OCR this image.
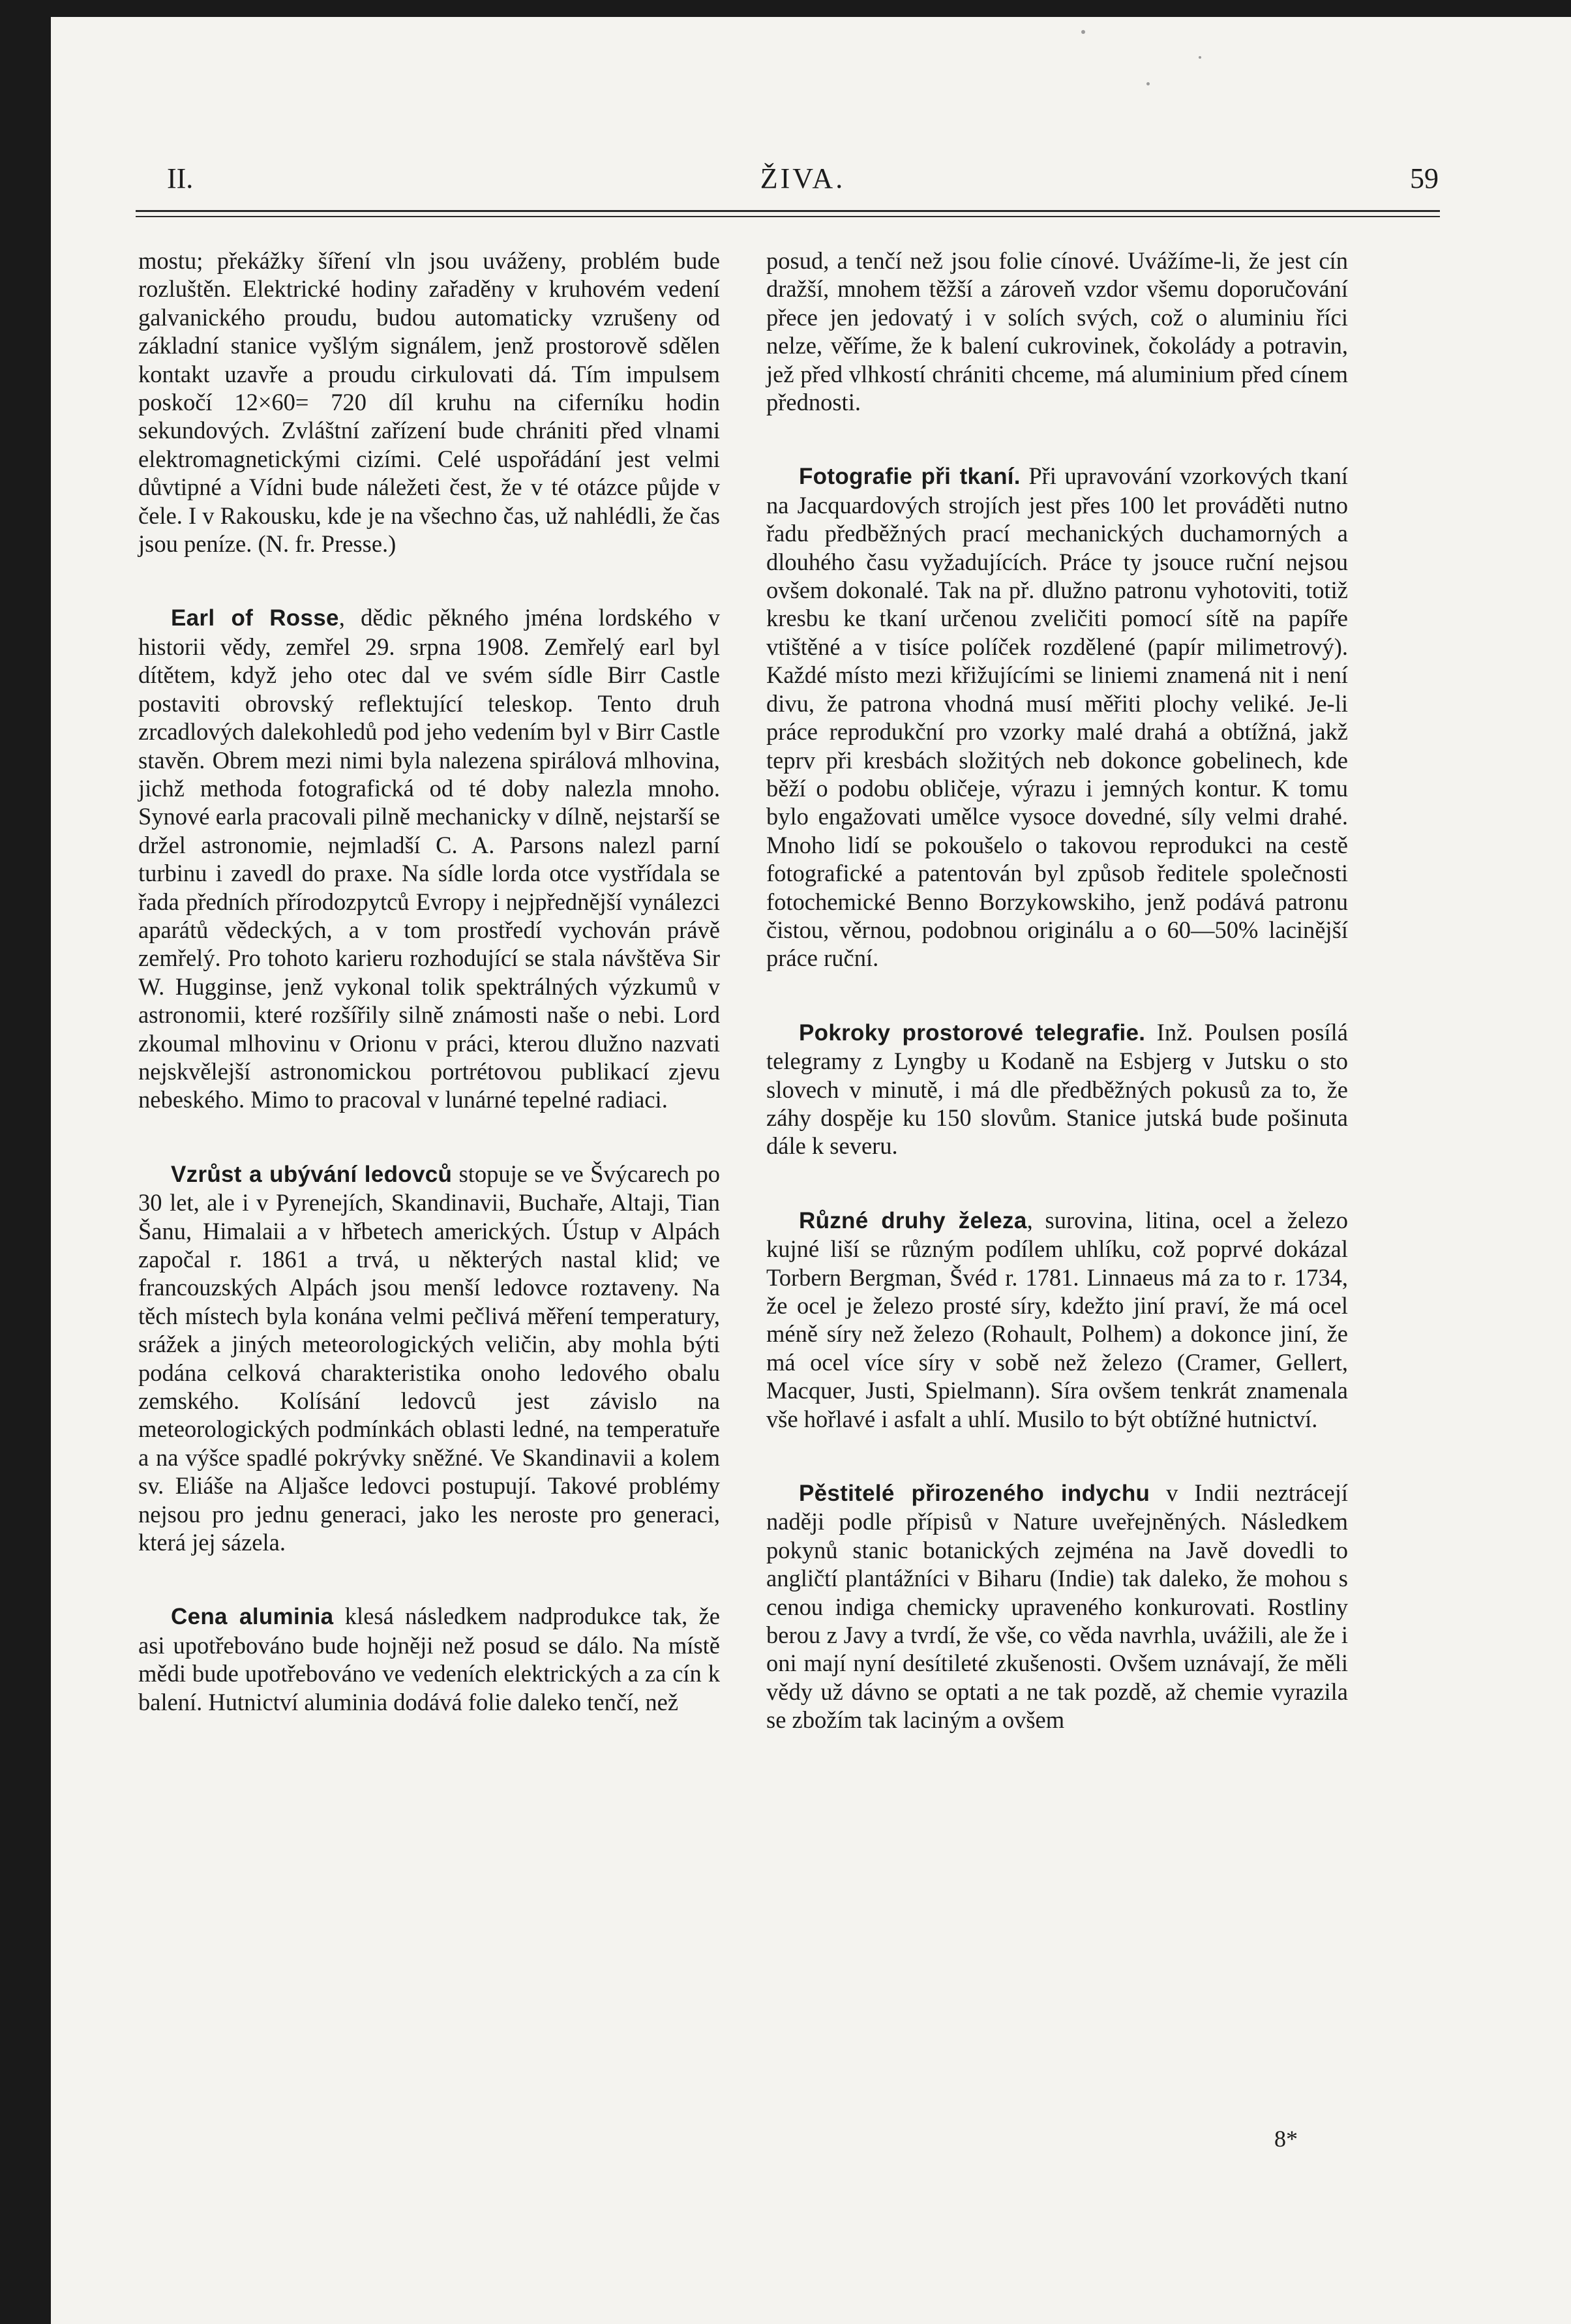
II.	ŽIVA.	59

mostu; překážky šíření vln jsou uváženy, problém bude rozluštěn. Elektrické hodiny zařaděny v kruhovém vedení galvanického proudu, budou automaticky vzrušeny od základní stanice vyšlým signálem, jenž prostorově sdělen kontakt uzavře a proudu cirkulovati dá. Tím impulsem poskočí 12×60= 720 díl kruhu na ciferníku hodin sekundových. Zvláštní zařízení bude chrániti před vlnami elektromagnetickými cizími. Celé uspořádání jest velmi důvtipné a Vídni bude náležeti čest, že v té otázce půjde v čele. I v Rakousku, kde je na všechno čas, už nahlédli, že čas jsou peníze. (N. fr. Presse.)

Earl of Rosse, dědic pěkného jména lordského v historii vědy, zemřel 29. srpna 1908. Zemřelý earl byl dítětem, když jeho otec dal ve svém sídle Birr Castle postaviti obrovský reflektující teleskop. Tento druh zrcadlových dalekohledů pod jeho vedením byl v Birr Castle stavěn. Obrem mezi nimi byla nalezena spirálová mlhovina, jichž methoda fotografická od té doby nalezla mnoho. Synové earla pracovali pilně mechanicky v dílně, nejstarší se držel astronomie, nejmladší C. A. Parsons nalezl parní turbinu i zavedl do praxe. Na sídle lorda otce vystřídala se řada předních přírodozpytců Evropy i nejpřednější vynálezci aparátů vědeckých, a v tom prostředí vychován právě zemřelý. Pro tohoto karieru rozhodující se stala návštěva Sir W. Hugginse, jenž vykonal tolik spektrálných výzkumů v astronomii, které rozšířily silně známosti naše o nebi. Lord zkoumal mlhovinu v Orionu v práci, kterou dlužno nazvati nejskvělejší astronomickou portrétovou publikací zjevu nebeského. Mimo to pracoval v lunárné tepelné radiaci.

Vzrůst a ubývání ledovců stopuje se ve Švýcarech po 30 let, ale i v Pyrenejích, Skandinavii, Buchaře, Altaji, Tian Šanu, Himalaii a v hřbetech amerických. Ústup v Alpách započal r. 1861 a trvá, u některých nastal klid; ve francouzských Alpách jsou menší ledovce roztaveny. Na těch místech byla konána velmi pečlivá měření temperatury, srážek a jiných meteorologických veličin, aby mohla býti podána celková charakteristika onoho ledového obalu zemského. Kolísání ledovců jest závislo na meteorologických podmínkách oblasti ledné, na temperatuře a na výšce spadlé pokrývky sněžné. Ve Skandinavii a kolem sv. Eliáše na Aljašce ledovci postupují. Takové problémy nejsou pro jednu generaci, jako les neroste pro generaci, která jej sázela.

Cena aluminia klesá následkem nadprodukce tak, že asi upotřebováno bude hojněji než posud se dálo. Na místě mědi bude upotřebováno ve vedeních elektrických a za cín k balení. Hutnictví aluminia dodává folie daleko tenčí, než

posud, a tenčí než jsou folie cínové. Uvážíme-li, že jest cín dražší, mnohem těžší a zároveň vzdor všemu doporučování přece jen jedovatý i v solích svých, což o aluminiu říci nelze, věříme, že k balení cukrovinek, čokolády a potravin, jež před vlhkostí chrániti chceme, má aluminium před cínem přednosti.

Fotografie při tkaní. Při upravování vzorkových tkaní na Jacquardových strojích jest přes 100 let prováděti nutno řadu předběžných prací mechanických duchamorných a dlouhého času vyžadujících. Práce ty jsouce ruční nejsou ovšem dokonalé. Tak na př. dlužno patronu vyhotoviti, totiž kresbu ke tkaní určenou zveličiti pomocí sítě na papíře vtištěné a v tisíce políček rozdělené (papír milimetrový). Každé místo mezi křižujícími se liniemi znamená nit i není divu, že patrona vhodná musí měřiti plochy veliké. Je-li práce reprodukční pro vzorky malé drahá a obtížná, jakž teprv při kresbách složitých neb dokonce gobelinech, kde běží o podobu obličeje, výrazu i jemných kontur. K tomu bylo engažovati umělce vysoce dovedné, síly velmi drahé. Mnoho lidí se pokoušelo o takovou reprodukci na cestě fotografické a patentován byl způsob ředitele společnosti fotochemické Benno Borzykowskiho, jenž podává patronu čistou, věrnou, podobnou originálu a o 60—50% lacinější práce ruční.

Pokroky prostorové telegrafie. Inž. Poulsen posílá telegramy z Lyngby u Kodaně na Esbjerg v Jutsku o sto slovech v minutě, i má dle předběžných pokusů za to, že záhy dospěje ku 150 slovům. Stanice jutská bude pošinuta dále k severu.

Různé druhy železa, surovina, litina, ocel a železo kujné liší se různým podílem uhlíku, což poprvé dokázal Torbern Bergman, Švéd r. 1781. Linnaeus má za to r. 1734, že ocel je železo prosté síry, kdežto jiní praví, že má ocel méně síry než železo (Rohault, Polhem) a dokonce jiní, že má ocel více síry v sobě než železo (Cramer, Gellert, Macquer, Justi, Spielmann). Síra ovšem tenkrát znamenala vše hořlavé i asfalt a uhlí. Musilo to být obtížné hutnictví.

Pěstitelé přirozeného indychu v Indii neztrácejí naději podle přípisů v Nature uveřejněných. Následkem pokynů stanic botanických zejména na Javě dovedli to angličtí plantážníci v Biharu (Indie) tak daleko, že mohou s cenou indiga chemicky upraveného konkurovati. Rostliny berou z Javy a tvrdí, že vše, co věda navrhla, uvážili, ale že i oni mají nyní desítileté zkušenosti. Ovšem uznávají, že měli vědy už dávno se optati a ne tak pozdě, až chemie vyrazila se zbožím tak laciným a ovšem

8*
